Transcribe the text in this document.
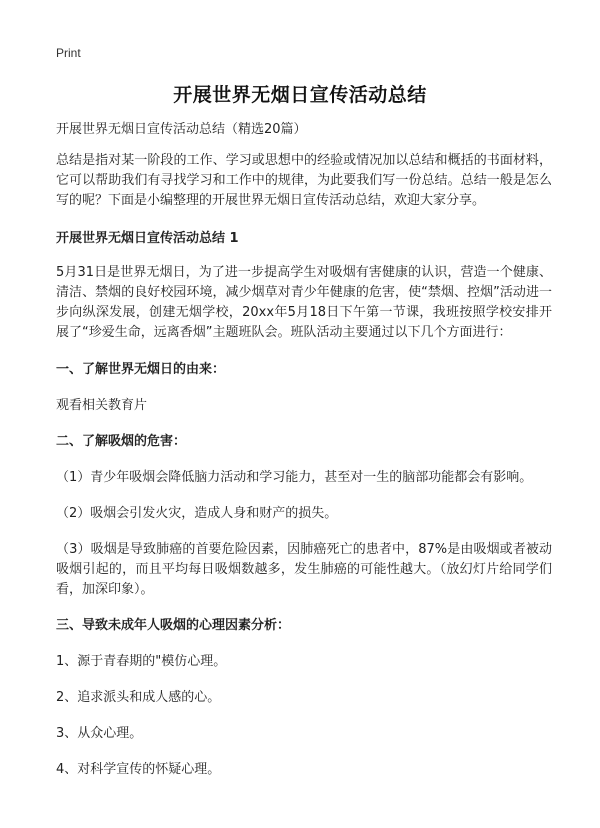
Print
开展世界无烟日宣传活动总结

开展世界无烟日宣传活动总结（精选20篇）

总结是指对某一阶段的工作、学习或思想中的经验或情况加以总结和概括的书面材料，它可以帮助我们有寻找学习和工作中的规律，为此要我们写一份总结。总结一般是怎么写的呢？下面是小编整理的开展世界无烟日宣传活动总结，欢迎大家分享。

开展世界无烟日宣传活动总结 1

5月31日是世界无烟日，为了进一步提高学生对吸烟有害健康的认识，营造一个健康、清洁、禁烟的良好校园环境，减少烟草对青少年健康的危害，使“禁烟、控烟”活动进一步向纵深发展，创建无烟学校，20xx年5月18日下午第一节课，我班按照学校安排开展了“珍爱生命，远离香烟”主题班队会。班队活动主要通过以下几个方面进行：

一、了解世界无烟日的由来：

观看相关教育片

二、了解吸烟的危害：

（1）青少年吸烟会降低脑力活动和学习能力，甚至对一生的脑部功能都会有影响。

（2）吸烟会引发火灾，造成人身和财产的损失。

（3）吸烟是导致肺癌的首要危险因素，因肺癌死亡的患者中，87%是由吸烟或者被动吸烟引起的，而且平均每日吸烟数越多，发生肺癌的可能性越大。（放幻灯片给同学们看，加深印象）。

三、导致未成年人吸烟的心理因素分析：

1、源于青春期的"模仿心理。

2、追求派头和成人感的心。

3、从众心理。

4、对科学宣传的怀疑心理。
